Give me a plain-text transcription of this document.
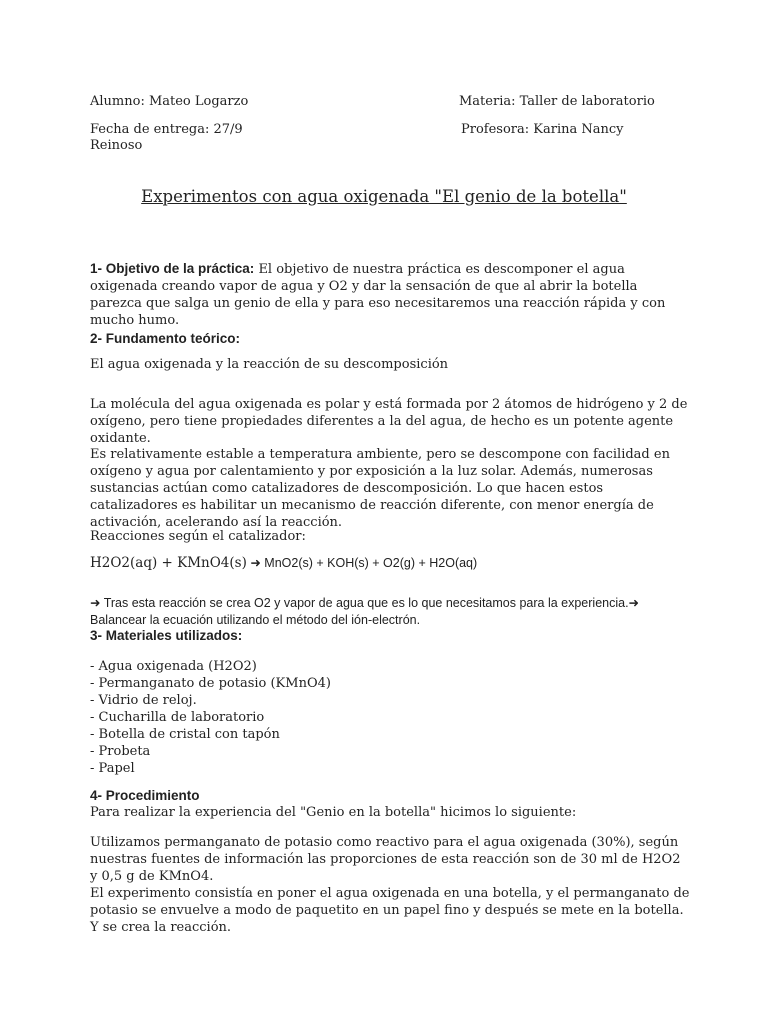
Alumno: Mateo Logarzo	Materia: Taller de laboratorio
Fecha de entrega: 27/9	Profesora: Karina Nancy
Reinoso
Experimentos con agua oxigenada "El genio de la botella"

1- Objetivo de la práctica: El objetivo de nuestra práctica es descomponer el agua oxigenada creando vapor de agua y O2 y dar la sensación de que al abrir la botella parezca que salga un genio de ella y para eso necesitaremos una reacción rápida y con mucho humo.

2- Fundamento teórico:
El agua oxigenada y la reacción de su descomposición

La molécula del agua oxigenada es polar y está formada por 2 átomos de hidrógeno y 2 de oxígeno, pero tiene propiedades diferentes a la del agua, de hecho es un potente agente oxidante.

Es relativamente estable a temperatura ambiente, pero se descompone con facilidad en oxígeno y agua por calentamiento y por exposición a la luz solar. Además, numerosas sustancias actúan como catalizadores de descomposición. Lo que hacen estos catalizadores es habilitar un mecanismo de reacción diferente, con menor energía de activación, acelerando así la reacción.

Reacciones según el catalizador:
H2O2(aq) + KMnO4(s) ➜ MnO2(s) + KOH(s) + O2(g) + H2O(aq)

➜ Tras esta reacción se crea O2 y vapor de agua que es lo que necesitamos para la experiencia.➜ Balancear la ecuación utilizando el método del ión-electrón.

3- Materiales utilizados:
- Agua oxigenada (H2O2)
- Permanganato de potasio (KMnO4)
- Vidrio de reloj.
- Cucharilla de laboratorio
- Botella de cristal con tapón
- Probeta
- Papel
4- Procedimiento
Para realizar la experiencia del "Genio en la botella" hicimos lo siguiente:

Utilizamos permanganato de potasio como reactivo para el agua oxigenada (30%), según nuestras fuentes de información las proporciones de esta reacción son de 30 ml de H2O2 y 0,5 g de KMnO4.

El experimento consistía en poner el agua oxigenada en una botella, y el permanganato de potasio se envuelve a modo de paquetito en un papel fino y después se mete en la botella. Y se crea la reacción.
